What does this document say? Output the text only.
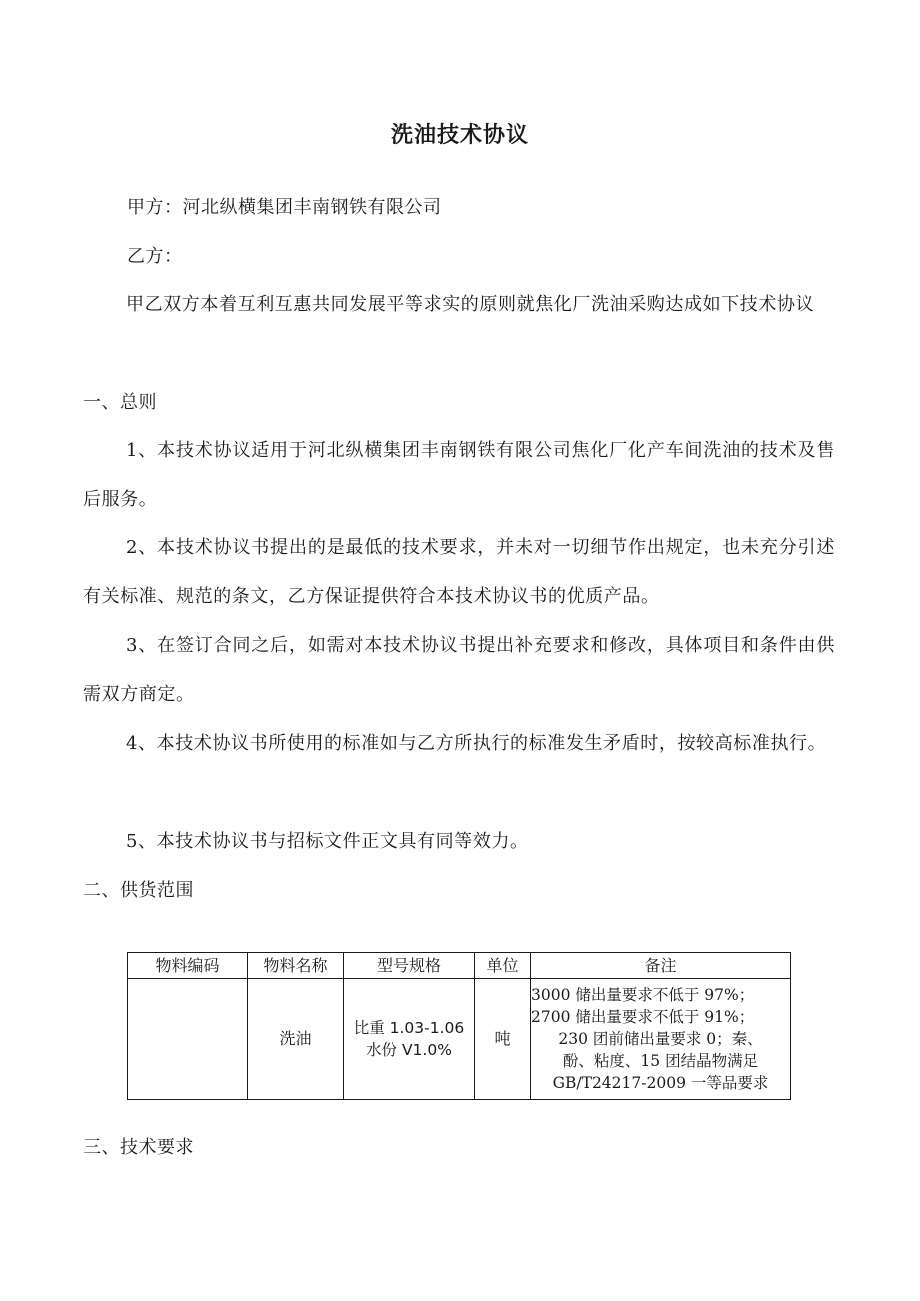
洗油技术协议
甲方：河北纵横集团丰南钢铁有限公司
乙方：
甲乙双方本着互利互惠共同发展平等求实的原则就焦化厂洗油采购达成如下技术协议
一、总则
1、本技术协议适用于河北纵横集团丰南钢铁有限公司焦化厂化产车间洗油的技术及售后服务。
2、本技术协议书提出的是最低的技术要求，并未对一切细节作出规定，也未充分引述有关标准、规范的条文，乙方保证提供符合本技术协议书的优质产品。
3、在签订合同之后，如需对本技术协议书提出补充要求和修改，具体项目和条件由供需双方商定。
4、本技术协议书所使用的标准如与乙方所执行的标准发生矛盾时，按较高标准执行。
5、本技术协议书与招标文件正文具有同等效力。
二、供货范围
物料编码	物料名称	型号规格	单位	备注
	洗油	比重 1.03-1.06
水份 V1.0%	吨	3000 储出量要求不低于 97%；
2700 储出量要求不低于 91%；
230 团前储出量要求 0；秦、
酚、粘度、15 团结晶物满足
GB/T24217-2009 一等品要求
三、技术要求
